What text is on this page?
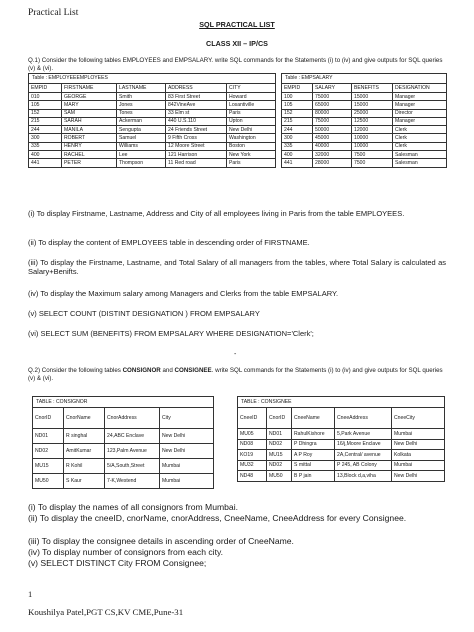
Practical List
SQL PRACTICAL LIST
CLASS XII – IP/CS
Q.1) Consider the following tables EMPLOYEES and EMPSALARY. write SQL commands for the Statements (i) to (iv) and give outputs for SQL queries (v) & (vi).
Table : EMPLOYEEEMPLOYEES				
EMPID	FIRSTNAME	LASTNAME	ADDRESS	CITY
010	GEORGE	Smith	83 First Street	Howard
105	MARY	Jones	842VineAve	Losantiville
152	SAM	Tones	33 Elm st	Paris
215	SARAH	Ackerman	440 U.S.110	Upton
244	MANILA	Sengupta	24 Friends Street	New Delhi
300	ROBERT	Samuel	9 Fifth Cross	Washington
335	HENRY	Williams	12 Moore Street	Boston
400	RACHEL	Lee	121 Harrison	New York
441	PETER	Thompson	11 Red road	Paris
Table : EMPSALARY			
EMPID	SALARY	BENEFITS	DESIGNATION
100	75000	15000	Manager
105	65000	15000	Manager
152	80000	25000	Director
215	75000	12500	Manager
244	50000	12000	Clerk
300	45000	10000	Clerk
335	40000	10000	Clerk
400	32000	7500	Salesman
441	28000	7500	Salesman
(i) To display Firstname, Lastname, Address and City of all employees living in Paris from the table EMPLOYEES.
(ii) To display the content of EMPLOYEES table in descending order of FIRSTNAME.
(iii) To display the Firstname, Lastname, and Total Salary of all managers from the tables, where Total Salary is calculated as Salary+Benifts.
(iv) To display the Maximum salary among Managers and Clerks from the table EMPSALARY.
(v) SELECT COUNT (DISTINT DESIGNATION ) FROM EMPSALARY
(vi) SELECT SUM (BENEFITS) FROM EMPSALARY WHERE DESIGNATION='Clerk';
-
Q.2) Consider the following tables CONSIGNOR and CONSIGNEE. write SQL commands for the Statements (i) to (iv) and give outputs for SQL queries (v) & (vi).
TABLE : CONSIGNOR			
CnorID	CnorName	CnorAddress	City
ND01	R singhal	24,ABC Enclave	New Delhi
ND02	AmitKumar	123,Palm Avenue	New Delhi
MU15	R Kohil	5/A,South,Street	Mumbai
MU50	S Kaur	7-K,Westend	Mumbai
TABLE : CONSIGNEE				
CneeID	CnorID	CneeName	CneeAddress	CneeCity
MU05	ND01	RahulKishore	5,Park Avenue	Mumbai
ND08	ND02	P Dhingra	16/j,Moore Enclave	New Delhi
KO19	MU15	A P Roy	2A,Central/ avenue	Kolkata
MU32	ND02	S mittal	P 245, AB Colony	Mumbai
ND48	MU50	B P jain	13,Block d,a,viha	New Delhi
(i) To display the names of all consignors from Mumbai.
(ii) To display the cneeID, cnorName, cnorAddress, CneeName, CneeAddress for every Consignee.
(iii) To display the consignee details in ascending order of CneeName.
(iv) To display number of consignors from each city.
(v) SELECT DISTINCT City FROM Consignee;
1
Koushilya Patel,PGT CS,KV CME,Pune-31
